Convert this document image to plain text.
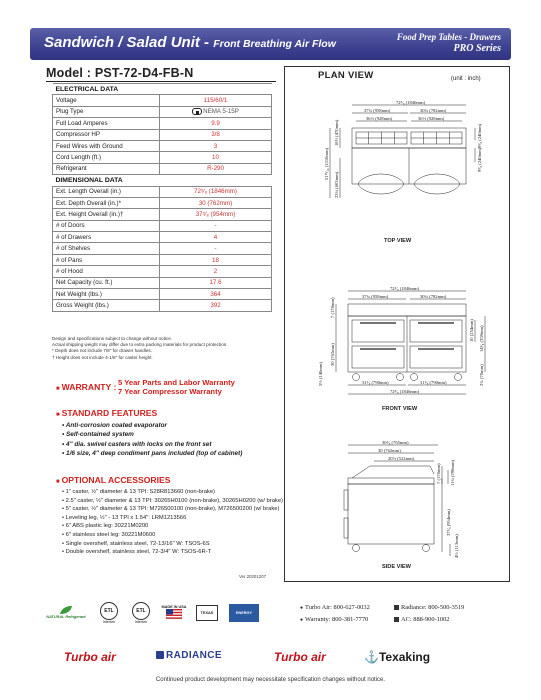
Sandwich / Salad Unit - Front Breathing Air Flow
Food Prep Tables - Drawers
PRO Series
Model : PST-72-D4-FB-N
ELECTRICAL DATA	
Voltage	115/60/1
Plug Type	NEMA 5-15P
Full Load Amperes	9.9
Compressor HP	3/8
Feed Wires with Ground	3
Cord Length (ft.)	10
Refrigerant	R-290
DIMENSIONAL DATA	
Ext. Length Overall (in.)	72⁵⁄₈ (1846mm)
Ext. Depth Overall (in.)*	30 (762mm)
Ext. Height Overall (in.)†	37⁵⁄₈ (954mm)
# of Doors	-
# of Drawers	4
# of Shelves	-
# of Pans	18
# of Hood	2
Net Capacity (cu. ft.)	17.6
Net Weight (lbs.)	364
Gross Weight (lbs.)	392
Design and specifications subject to change without notice.
Actual shipping weight may differ due to extra packing materials for product protection.
* Depth does not include 7/8" for drawer handles.
† Height does not include 4-1/8" for caster height.
■ WARRANTY : 5 Year Parts and Labor Warranty
7 Year Compressor Warranty
■ STANDARD FEATURES
• Anti-corrosion coated evaporator
• Self-contained system
• 4" dia. swivel casters with locks on the front set
• 1/6 size, 4" deep condiment pans included (top of cabinet)
■ OPTIONAL ACCESSORIES
• 1" caster, ½" diameter & 13 TPI: S28R813660 (non-brake)
• 2.5" caster, ½" diameter & 13 TPI: 30265H0100 (non-brake), 30265H0200 (w/ brake)
• 5" caster, ½" diameter & 13 TPI: M726500100 (non-brake), M726500200 (w/ brake)
• Leveling leg, ½" - 13 TPI x 1.54": LRM1213566
• 6" ABS plastic leg: 30221M0200
• 6" stainless steel leg: 30221M0600
• Single overshelf, stainless steel, 72-13/16" W: TSOS-6S
• Double overshelf, stainless steel, 72-3/4" W: TSOS-6R-T
Ver.20201207
PLAN VIEW	(unit : inch)
72⁵⁄₈ (1846mm)
37¾ (958mm)	30¾ (782mm)
36½ (928mm)	36½ (928mm)
51¹⁵⁄₁₆ (1318mm)
18½ (470mm)
23¾ (603mm)
9³⁄₈ (240mm)
9³⁄₈ (240mm)
TOP VIEW
72⁵⁄₈ (1846mm)
37¾ (958mm)	30¾ (782mm)
7 (178mm)
30 (762mm)
10 (254mm) 14¹⁄₈ (359mm)
5½ (140mm)	2¾ (70mm)
31¹⁄₈ (790mm)	31¹⁄₈ (790mm)
72⁵⁄₈ (1846mm)
FRONT VIEW
30¹⁄₈ (765mm)
30 (762mm)
20½ (522mm)
7 (178mm) 11¾ (298mm)
37⁵⁄₈ (954mm)
4½ (113mm)
SIDE VIEW
NATURAL Refrigerant
ETL
Intertek
ETL
Intertek
MADE IN USA
TEXAS	ENERGY
● Turbo Air: 800-627-0032	Radiance: 800-500-3519
● Warranty: 800-381-7770	AC: 888-900-1002
Turbo air	RADIANCE	Turbo air	⚓Texaking
Continued product development may necessitate specification changes without notice.
